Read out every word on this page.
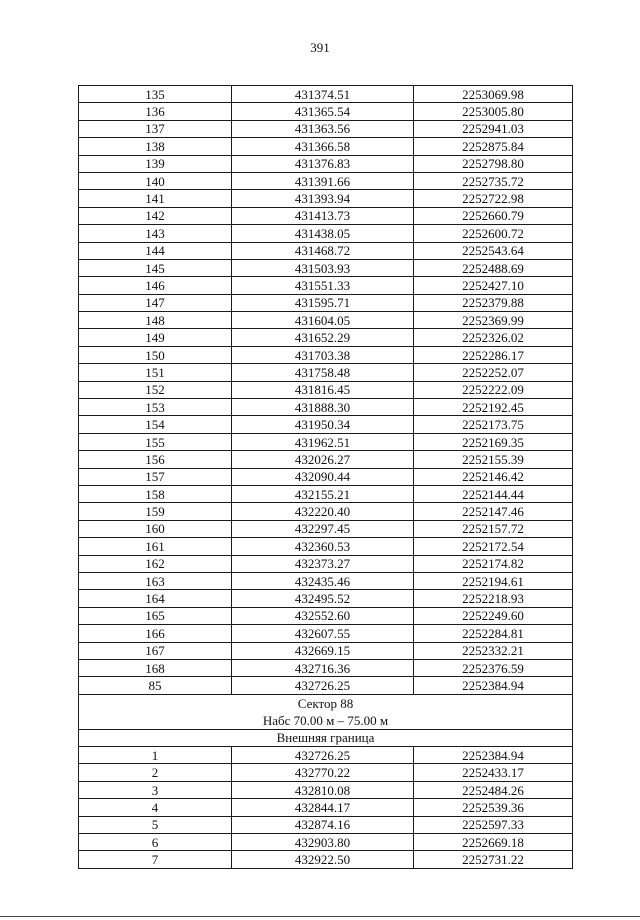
391
135	431374.51	2253069.98
136	431365.54	2253005.80
137	431363.56	2252941.03
138	431366.58	2252875.84
139	431376.83	2252798.80
140	431391.66	2252735.72
141	431393.94	2252722.98
142	431413.73	2252660.79
143	431438.05	2252600.72
144	431468.72	2252543.64
145	431503.93	2252488.69
146	431551.33	2252427.10
147	431595.71	2252379.88
148	431604.05	2252369.99
149	431652.29	2252326.02
150	431703.38	2252286.17
151	431758.48	2252252.07
152	431816.45	2252222.09
153	431888.30	2252192.45
154	431950.34	2252173.75
155	431962.51	2252169.35
156	432026.27	2252155.39
157	432090.44	2252146.42
158	432155.21	2252144.44
159	432220.40	2252147.46
160	432297.45	2252157.72
161	432360.53	2252172.54
162	432373.27	2252174.82
163	432435.46	2252194.61
164	432495.52	2252218.93
165	432552.60	2252249.60
166	432607.55	2252284.81
167	432669.15	2252332.21
168	432716.36	2252376.59
85	432726.25	2252384.94

Сектор 88
Набс 70.00 м – 75.00 м		

Внешняя граница		
1	432726.25	2252384.94
2	432770.22	2252433.17
3	432810.08	2252484.26
4	432844.17	2252539.36
5	432874.16	2252597.33
6	432903.80	2252669.18
7	432922.50	2252731.22
